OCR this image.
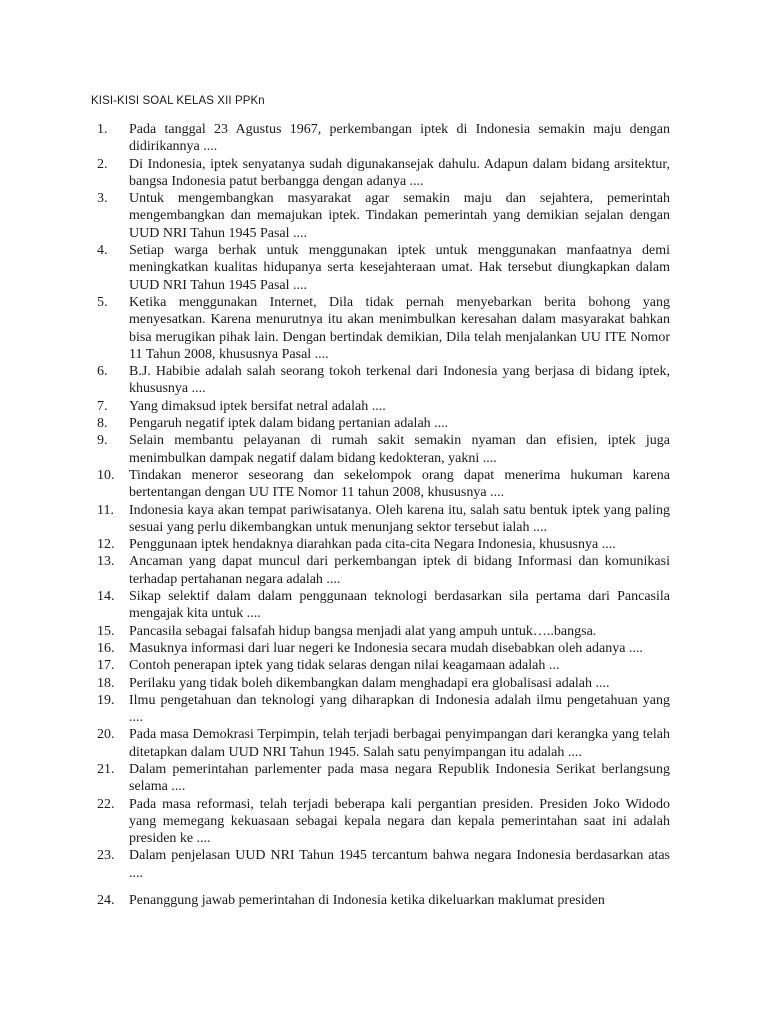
KISI-KISI SOAL KELAS XII PPKn
1.	Pada tanggal 23 Agustus 1967, perkembangan iptek di Indonesia semakin maju dengan didirikannya ....
2.	Di Indonesia, iptek senyatanya sudah digunakansejak dahulu. Adapun dalam bidang arsitektur, bangsa Indonesia patut berbangga dengan adanya ....
3.	Untuk mengembangkan masyarakat agar semakin maju dan sejahtera, pemerintah mengembangkan dan memajukan iptek. Tindakan pemerintah yang demikian sejalan dengan UUD NRI Tahun 1945 Pasal ....
4.	Setiap warga berhak untuk menggunakan iptek untuk menggunakan manfaatnya demi meningkatkan kualitas hidupanya serta kesejahteraan umat. Hak tersebut diungkapkan dalam UUD NRI Tahun 1945 Pasal ....
5.	Ketika menggunakan Internet, Dila tidak pernah menyebarkan berita bohong yang menyesatkan. Karena menurutnya itu akan menimbulkan keresahan dalam masyarakat bahkan bisa merugikan pihak lain. Dengan bertindak demikian, Dila telah menjalankan UU ITE Nomor 11 Tahun 2008, khususnya Pasal ....
6.	B.J. Habibie adalah salah seorang tokoh terkenal dari Indonesia yang berjasa di bidang iptek, khususnya ....
7.	Yang dimaksud iptek bersifat netral adalah ....
8.	Pengaruh negatif iptek dalam bidang pertanian adalah ....
9.	Selain membantu pelayanan di rumah sakit semakin nyaman dan efisien, iptek juga menimbulkan dampak negatif dalam bidang kedokteran, yakni ....
10.	Tindakan meneror seseorang dan sekelompok orang dapat menerima hukuman karena bertentangan dengan UU ITE Nomor 11 tahun 2008, khususnya ....
11.	Indonesia kaya akan tempat pariwisatanya. Oleh karena itu, salah satu bentuk iptek yang paling sesuai yang perlu dikembangkan untuk menunjang sektor tersebut ialah ....
12.	Penggunaan iptek hendaknya diarahkan pada cita-cita Negara Indonesia, khususnya ....
13.	Ancaman yang dapat muncul dari perkembangan iptek di bidang Informasi dan komunikasi terhadap pertahanan negara adalah ....
14.	Sikap selektif dalam dalam penggunaan teknologi berdasarkan sila pertama dari Pancasila mengajak kita untuk ....
15.	Pancasila sebagai falsafah hidup bangsa menjadi alat yang ampuh untuk…..bangsa.
16.	Masuknya informasi dari luar negeri ke Indonesia secara mudah disebabkan oleh adanya ....
17.	Contoh penerapan iptek yang tidak selaras dengan nilai keagamaan adalah ...
18.	Perilaku yang tidak boleh dikembangkan dalam menghadapi era globalisasi adalah ....
19.	Ilmu pengetahuan dan teknologi yang diharapkan di Indonesia adalah ilmu pengetahuan yang ....
20.	Pada masa Demokrasi Terpimpin, telah terjadi berbagai penyimpangan dari kerangka yang telah ditetapkan dalam UUD NRI Tahun 1945. Salah satu penyimpangan itu adalah ....
21.	Dalam pemerintahan parlementer pada masa negara Republik Indonesia Serikat berlangsung selama ....
22.	Pada masa reformasi, telah terjadi beberapa kali pergantian presiden. Presiden Joko Widodo yang memegang kekuasaan sebagai kepala negara dan kepala pemerintahan saat ini adalah presiden ke ....
23.	Dalam penjelasan UUD NRI Tahun 1945 tercantum bahwa negara Indonesia berdasarkan atas ....
24.	Penanggung jawab pemerintahan di Indonesia ketika dikeluarkan maklumat presiden
